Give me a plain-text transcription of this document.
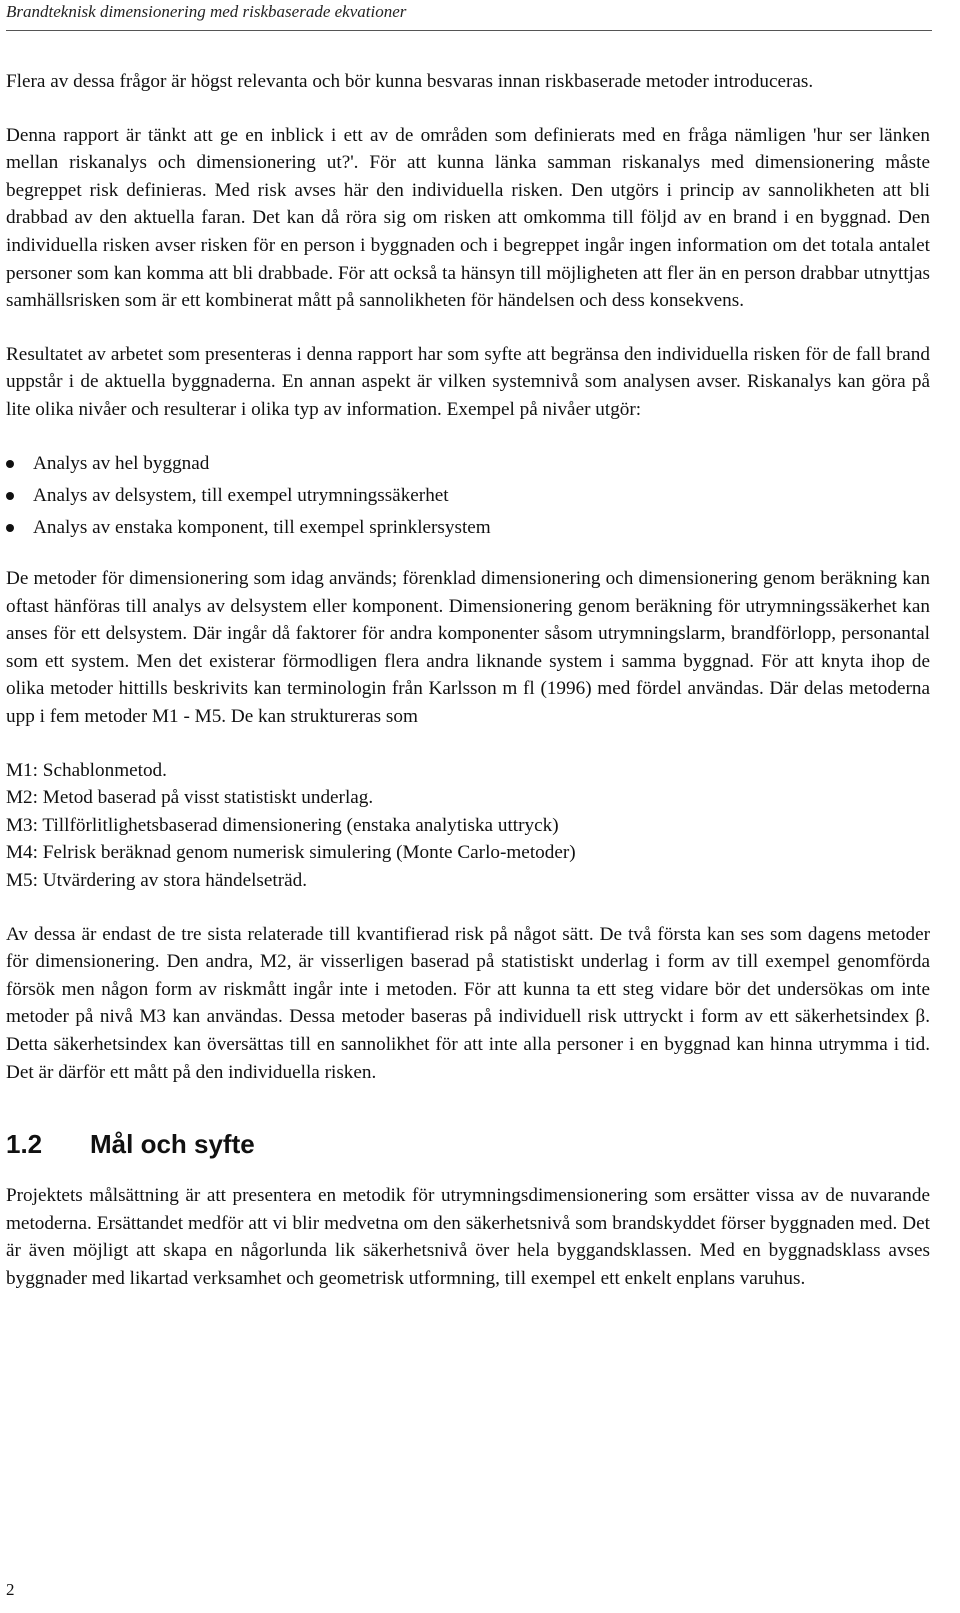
Brandteknisk dimensionering med riskbaserade ekvationer

Flera av dessa frågor är högst relevanta och bör kunna besvaras innan riskbaserade metoder introduceras.

Denna rapport är tänkt att ge en inblick i ett av de områden som definierats med en fråga nämligen 'hur ser länken mellan riskanalys och dimensionering ut?'. För att kunna länka samman riskanalys med dimensionering måste begreppet risk definieras. Med risk avses här den individuella risken. Den utgörs i princip av sannolikheten att bli drabbad av den aktuella faran. Det kan då röra sig om risken att omkomma till följd av en brand i en byggnad. Den individuella risken avser risken för en person i byggnaden och i begreppet ingår ingen information om det totala antalet personer som kan komma att bli drabbade. För att också ta hänsyn till möjligheten att fler än en person drabbar utnyttjas samhällsrisken som är ett kombinerat mått på sannolikheten för händelsen och dess konsekvens.

Resultatet av arbetet som presenteras i denna rapport har som syfte att begränsa den individuella risken för de fall brand uppstår i de aktuella byggnaderna. En annan aspekt är vilken systemnivå som analysen avser. Riskanalys kan göra på lite olika nivåer och resulterar i olika typ av information. Exempel på nivåer utgör:

Analys av hel byggnad
Analys av delsystem, till exempel utrymningssäkerhet
Analys av enstaka komponent, till exempel sprinklersystem

De metoder för dimensionering som idag används; förenklad dimensionering och dimensionering genom beräkning kan oftast hänföras till analys av delsystem eller komponent. Dimensionering genom beräkning för utrymningssäkerhet kan anses för ett delsystem. Där ingår då faktorer för andra komponenter såsom utrymningslarm, brandförlopp, personantal som ett system. Men det existerar förmodligen flera andra liknande system i samma byggnad. För att knyta ihop de olika metoder hittills beskrivits kan terminologin från Karlsson m fl (1996) med fördel användas. Där delas metoderna upp i fem metoder M1 - M5. De kan struktureras som

M1: Schablonmetod.
M2: Metod baserad på visst statistiskt underlag.
M3: Tillförlitlighetsbaserad dimensionering (enstaka analytiska uttryck)
M4: Felrisk beräknad genom numerisk simulering (Monte Carlo-metoder)
M5: Utvärdering av stora händelseträd.

Av dessa är endast de tre sista relaterade till kvantifierad risk på något sätt. De två första kan ses som dagens metoder för dimensionering. Den andra, M2, är visserligen baserad på statistiskt underlag i form av till exempel genomförda försök men någon form av riskmått ingår inte i metoden. För att kunna ta ett steg vidare bör det undersökas om inte metoder på nivå M3 kan användas. Dessa metoder baseras på individuell risk uttryckt i form av ett säkerhetsindex β. Detta säkerhetsindex kan översättas till en sannolikhet för att inte alla personer i en byggnad kan hinna utrymma i tid. Det är därför ett mått på den individuella risken.

1.2 Mål och syfte

Projektets målsättning är att presentera en metodik för utrymningsdimensionering som ersätter vissa av de nuvarande metoderna. Ersättandet medför att vi blir medvetna om den säkerhetsnivå som brandskyddet förser byggnaden med. Det är även möjligt att skapa en någorlunda lik säkerhetsnivå över hela byggandsklassen. Med en byggnadsklass avses byggnader med likartad verksamhet och geometrisk utformning, till exempel ett enkelt enplans varuhus.

2
